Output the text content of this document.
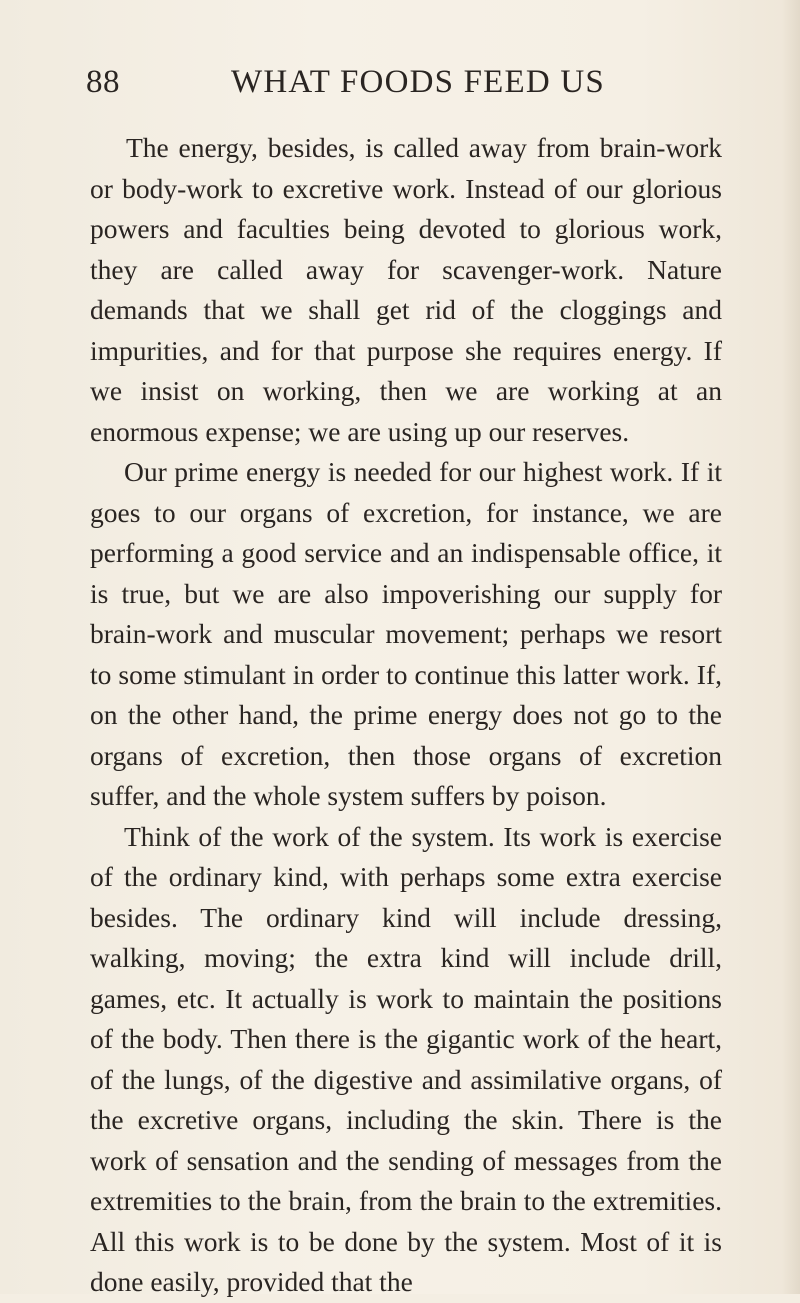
88	WHAT FOODS FEED US

The energy, besides, is called away from brain-work or body-work to excretive work. Instead of our glorious powers and faculties being devoted to glorious work, they are called away for scavenger-work. Nature demands that we shall get rid of the cloggings and impurities, and for that purpose she requires energy. If we insist on working, then we are working at an enormous expense; we are using up our reserves.

Our prime energy is needed for our highest work. If it goes to our organs of excretion, for instance, we are performing a good service and an indispensable office, it is true, but we are also impoverishing our supply for brain-work and muscular movement; perhaps we resort to some stimulant in order to continue this latter work. If, on the other hand, the prime energy does not go to the organs of excretion, then those organs of excretion suffer, and the whole system suffers by poison.

Think of the work of the system. Its work is exercise of the ordinary kind, with perhaps some extra exercise besides. The ordinary kind will include dressing, walking, moving; the extra kind will include drill, games, etc. It actually is work to maintain the positions of the body. Then there is the gigantic work of the heart, of the lungs, of the digestive and assimilative organs, of the excretive organs, including the skin. There is the work of sensation and the sending of messages from the extremities to the brain, from the brain to the extremities. All this work is to be done by the system. Most of it is done easily, provided that the
